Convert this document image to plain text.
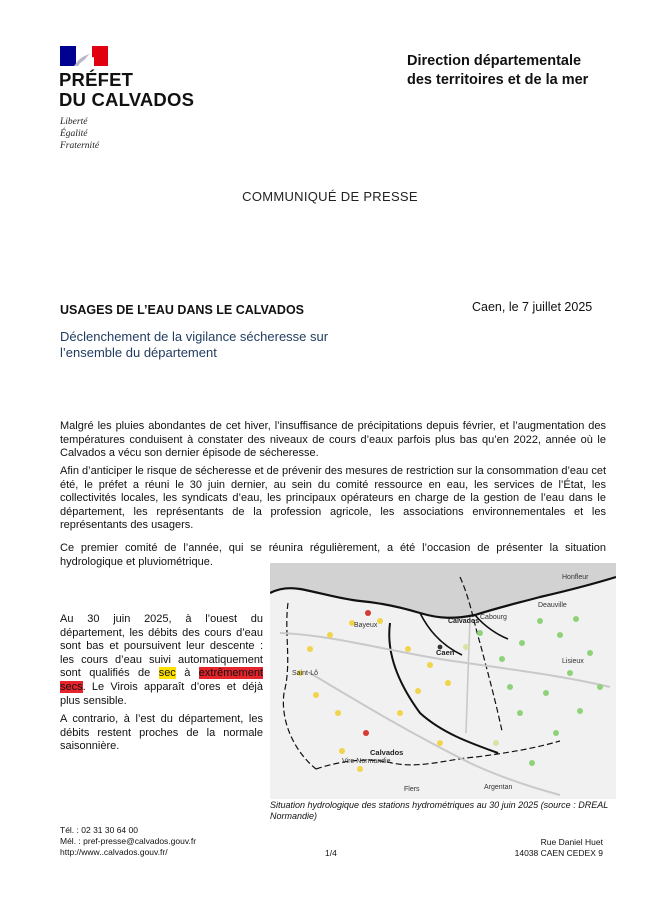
PRÉFET
DU CALVADOS
Liberté
Égalité
Fraternité
Direction départementale
des territoires et de la mer
COMMUNIQUÉ DE PRESSE
USAGES DE L’EAU DANS LE CALVADOS	Caen, le 7 juillet 2025
Déclenchement de la vigilance sécheresse sur l’ensemble du département
Malgré les pluies abondantes de cet hiver, l’insuffisance de précipitations depuis février, et l’augmentation des températures conduisent à constater des niveaux de cours d’eaux parfois plus bas qu’en 2022, année où le Calvados a vécu son dernier épisode de sécheresse.
Afin d’anticiper le risque de sécheresse et de prévenir des mesures de restriction sur la consommation d’eau cet été, le préfet a réuni le 30 juin dernier, au sein du comité ressource en eau, les services de l’État, les collectivités locales, les syndicats d’eau, les principaux opérateurs en charge de la gestion de l’eau dans le département, les représentants de la profession agricole, les associations environnementales et les représentants des usagers.
Ce premier comité de l’année, qui se réunira régulièrement, a été l’occasion de présenter la situation hydrologique et pluviométrique.
Au 30 juin 2025, à l’ouest du département, les débits des cours d’eau sont bas et poursuivent leur descente : les cours d’eau suivi automatiquement sont qualifiés de sec à extrêmement secs. Le Virois apparaît d’ores et déjà plus sensible.
A contrario, à l’est du département, les débits restent proches de la normale saisonnière.
Honfleur
Deauville
Bayeux
Cabourg
Caen
Calvados
Lisieux
Saint-Lô
Calvados
Vire Normandie
Flers	Argentan
Situation hydrologique des stations hydrométriques au 30 juin 2025 (source : DREAL Normandie)
Tél. : 02 31 30 64 00
Mél. : pref-presse@calvados.gouv.fr
http://www..calvados.gouv.fr/	1/4
Rue Daniel Huet
14038 CAEN CEDEX 9
